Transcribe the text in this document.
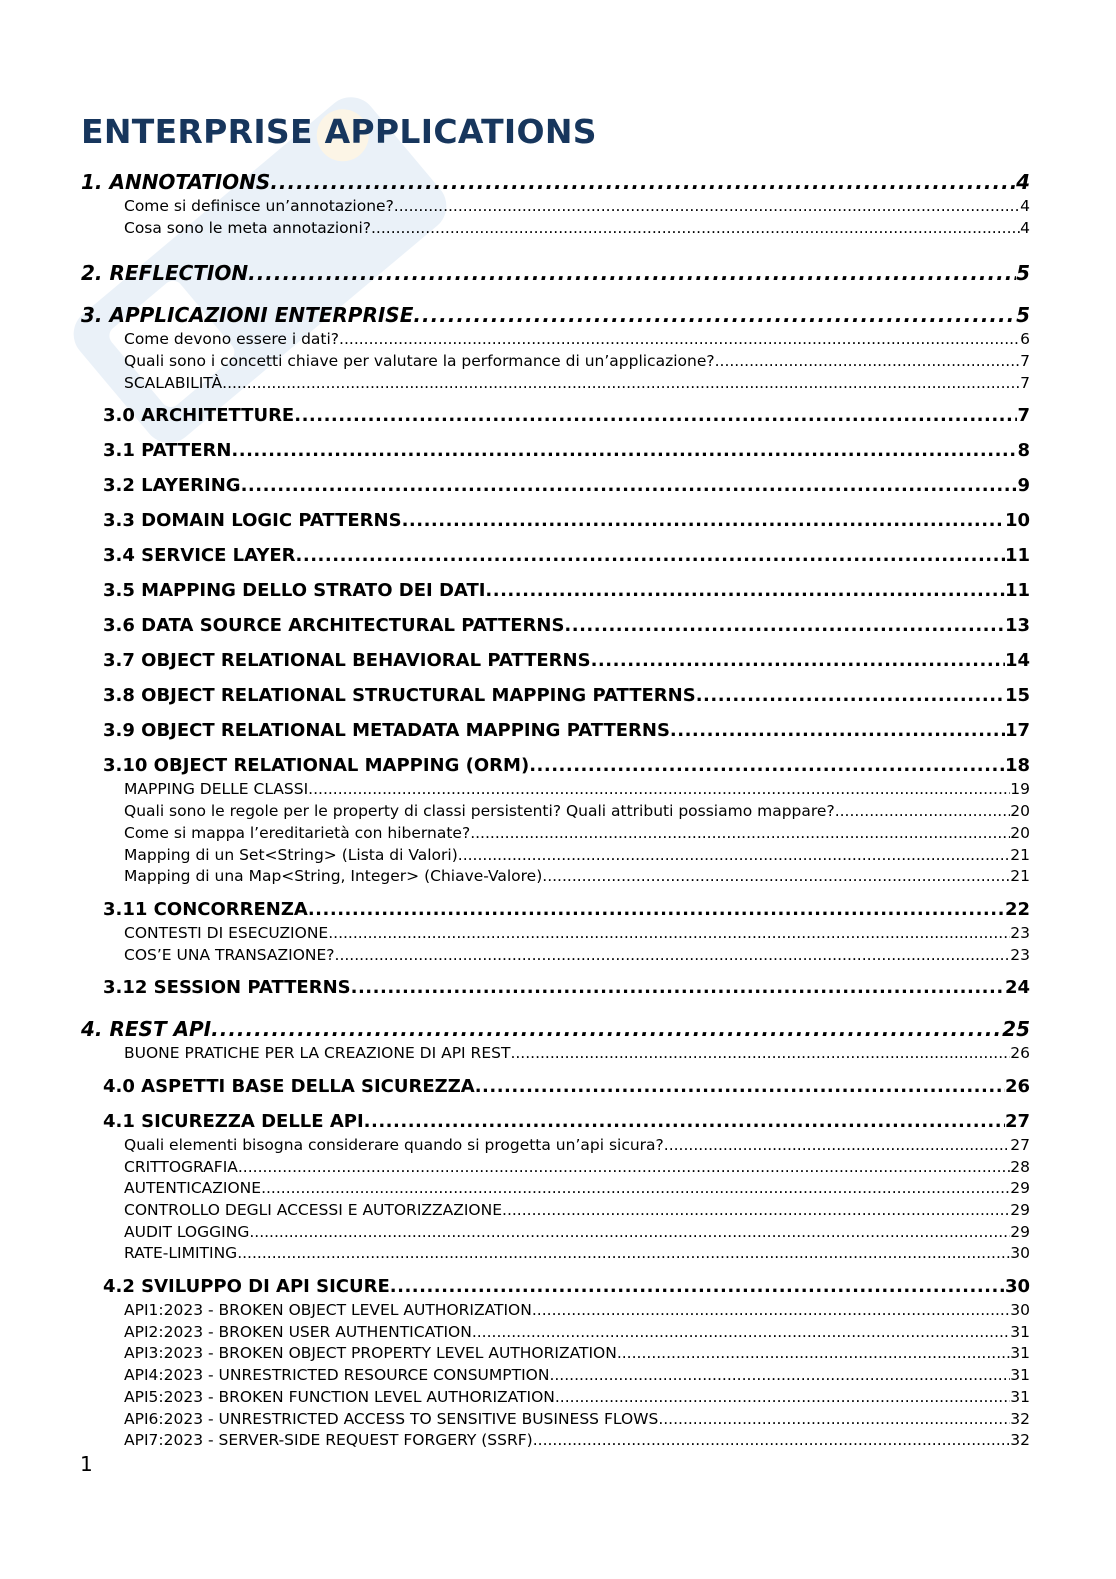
ENTERPRISE APPLICATIONS
1. ANNOTATIONS .....	4
Come si definisce un’annotazione? .....	4
Cosa sono le meta annotazioni? .....	4
2. REFLECTION .....	5
3. APPLICAZIONI ENTERPRISE .....	5
Come devono essere i dati? .....	6
Quali sono i concetti chiave per valutare la performance di un’applicazione? .....	7
SCALABILITÀ .....	7
3.0 ARCHITETTURE .....	7
3.1 PATTERN .....	8
3.2 LAYERING .....	9
3.3 DOMAIN LOGIC PATTERNS .....	10
3.4 SERVICE LAYER .....	11
3.5 MAPPING DELLO STRATO DEI DATI .....	11
3.6 DATA SOURCE ARCHITECTURAL PATTERNS .....	13
3.7 OBJECT RELATIONAL BEHAVIORAL PATTERNS .....	14
3.8 OBJECT RELATIONAL STRUCTURAL MAPPING PATTERNS .....	15
3.9 OBJECT RELATIONAL METADATA MAPPING PATTERNS .....	17
3.10 OBJECT RELATIONAL MAPPING (ORM) .....	18
MAPPING DELLE CLASSI .....	19
Quali sono le regole per le property di classi persistenti? Quali attributi possiamo mappare? .....	20
Come si mappa l’ereditarietà con hibernate? .....	20
Mapping di un Set<String> (Lista di Valori) .....	21
Mapping di una Map<String, Integer> (Chiave-Valore) .....	21
3.11 CONCORRENZA .....	22
CONTESTI DI ESECUZIONE .....	23
COS’E UNA TRANSAZIONE? .....	23
3.12 SESSION PATTERNS .....	24
4. REST API .....	25
BUONE PRATICHE PER LA CREAZIONE DI API REST .....	26
4.0 ASPETTI BASE DELLA SICUREZZA .....	26
4.1 SICUREZZA DELLE API .....	27
Quali elementi bisogna considerare quando si progetta un’api sicura? .....	27
CRITTOGRAFIA .....	28
AUTENTICAZIONE .....	29
CONTROLLO DEGLI ACCESSI E AUTORIZZAZIONE .....	29
AUDIT LOGGING .....	29
RATE-LIMITING .....	30
4.2 SVILUPPO DI API SICURE .....	30
API1:2023 - BROKEN OBJECT LEVEL AUTHORIZATION .....	30
API2:2023 - BROKEN USER AUTHENTICATION .....	31
API3:2023 - BROKEN OBJECT PROPERTY LEVEL AUTHORIZATION .....	31
API4:2023 - UNRESTRICTED RESOURCE CONSUMPTION .....	31
API5:2023 - BROKEN FUNCTION LEVEL AUTHORIZATION .....	31
API6:2023 - UNRESTRICTED ACCESS TO SENSITIVE BUSINESS FLOWS .....	32
API7:2023 - SERVER-SIDE REQUEST FORGERY (SSRF) .....	32
1
